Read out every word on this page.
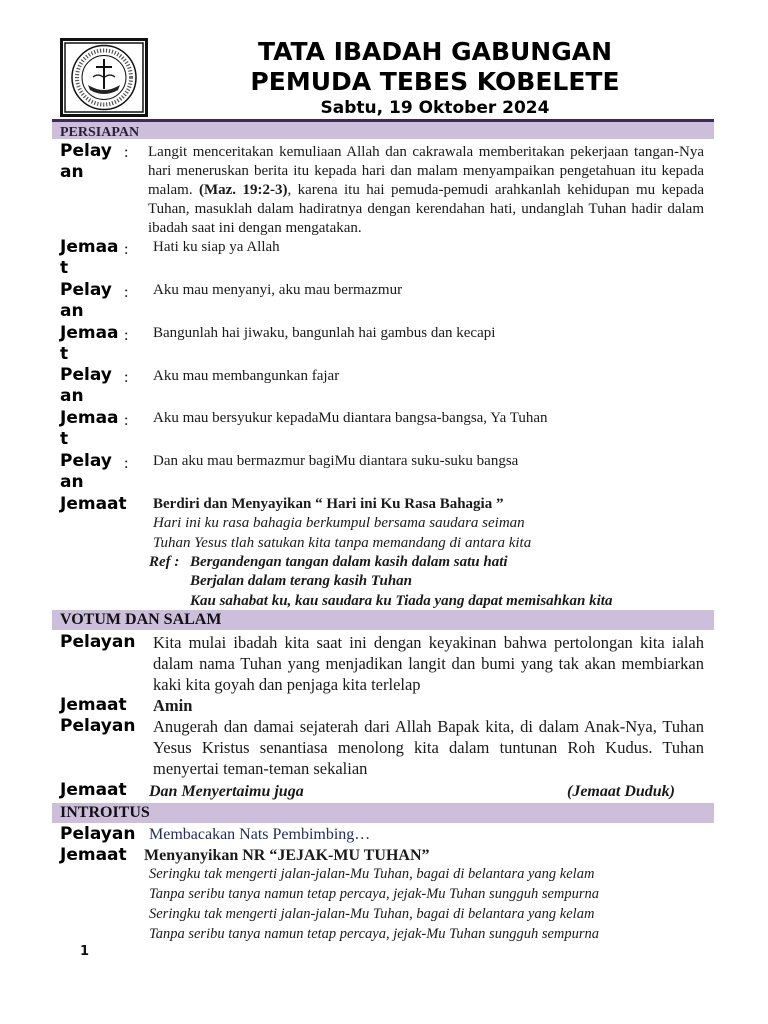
TATA IBADAH GABUNGAN
PEMUDA TEBES KOBELETE
Sabtu, 19 Oktober 2024
PERSIAPAN
Pelayan
: Langit menceritakan kemuliaan Allah dan cakrawala memberitakan pekerjaan tangan-Nya hari meneruskan berita itu kepada hari dan malam menyampaikan pengetahuan itu kepada malam. (Maz. 19:2-3), karena itu hai pemuda-pemudi arahkanlah kehidupan mu kepada Tuhan, masuklah dalam hadiratnya dengan kerendahan hati, undanglah Tuhan hadir dalam ibadah saat ini dengan mengatakan.
Jemaat
: Hati ku siap ya Allah
Pelayan
: Aku mau menyanyi, aku mau bermazmur
Jemaat
: Bangunlah hai jiwaku, bangunlah hai gambus dan kecapi
Pelayan
: Aku mau membangunkan fajar
Jemaat
: Aku mau bersyukur kepadaMu diantara bangsa-bangsa, Ya Tuhan
Pelayan
: Dan aku mau bermazmur bagiMu diantara suku-suku bangsa
Jemaat Berdiri dan Menyayikan “ Hari ini Ku Rasa Bahagia ”
Hari ini ku rasa bahagia berkumpul bersama saudara seiman
Tuhan Yesus tlah satukan kita tanpa memandang di antara kita
Ref : Bergandengan tangan dalam kasih dalam satu hati
Berjalan dalam terang kasih Tuhan
Kau sahabat ku, kau saudara ku Tiada yang dapat memisahkan kita
VOTUM DAN SALAM
Pelayan Kita mulai ibadah kita saat ini dengan keyakinan bahwa pertolongan kita ialah dalam nama Tuhan yang menjadikan langit dan bumi yang tak akan membiarkan kaki kita goyah dan penjaga kita terlelap
Jemaat Amin
Pelayan Anugerah dan damai sejaterah dari Allah Bapak kita, di dalam Anak-Nya, Tuhan Yesus Kristus senantiasa menolong kita dalam tuntunan Roh Kudus. Tuhan menyertai teman-teman sekalian
Jemaat Dan Menyertaimu juga	(Jemaat Duduk)
INTROITUS
Pelayan Membacakan Nats Pembimbing…
Jemaat Menyanyikan NR “JEJAK-MU TUHAN”
Seringku tak mengerti jalan-jalan-Mu Tuhan, bagai di belantara yang kelam
Tanpa seribu tanya namun tetap percaya, jejak-Mu Tuhan sungguh sempurna
Seringku tak mengerti jalan-jalan-Mu Tuhan, bagai di belantara yang kelam
Tanpa seribu tanya namun tetap percaya, jejak-Mu Tuhan sungguh sempurna
1
